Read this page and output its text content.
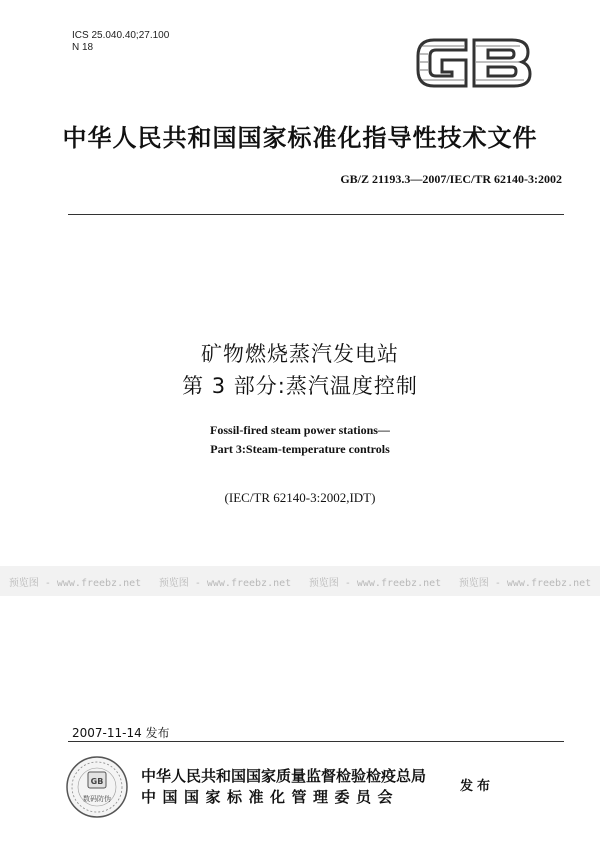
ICS 25.040.40;27.100
N 18
中华人民共和国国家标准化指导性技术文件
GB/Z 21193.3—2007/IEC/TR 62140-3:2002
矿物燃烧蒸汽发电站
第 3 部分:蒸汽温度控制
Fossil-fired steam power stations—
Part 3:Steam-temperature controls
(IEC/TR 62140-3:2002,IDT)
预览图 - www.freebz.net 预览图 - www.freebz.net 预览图 - www.freebz.net 预览图 - www.freebz.net
2007-11-14 发布
GB
数码防伪
中华人民共和国国家质量监督检验检疫总局
中国国家标准化管理委员会
发布
